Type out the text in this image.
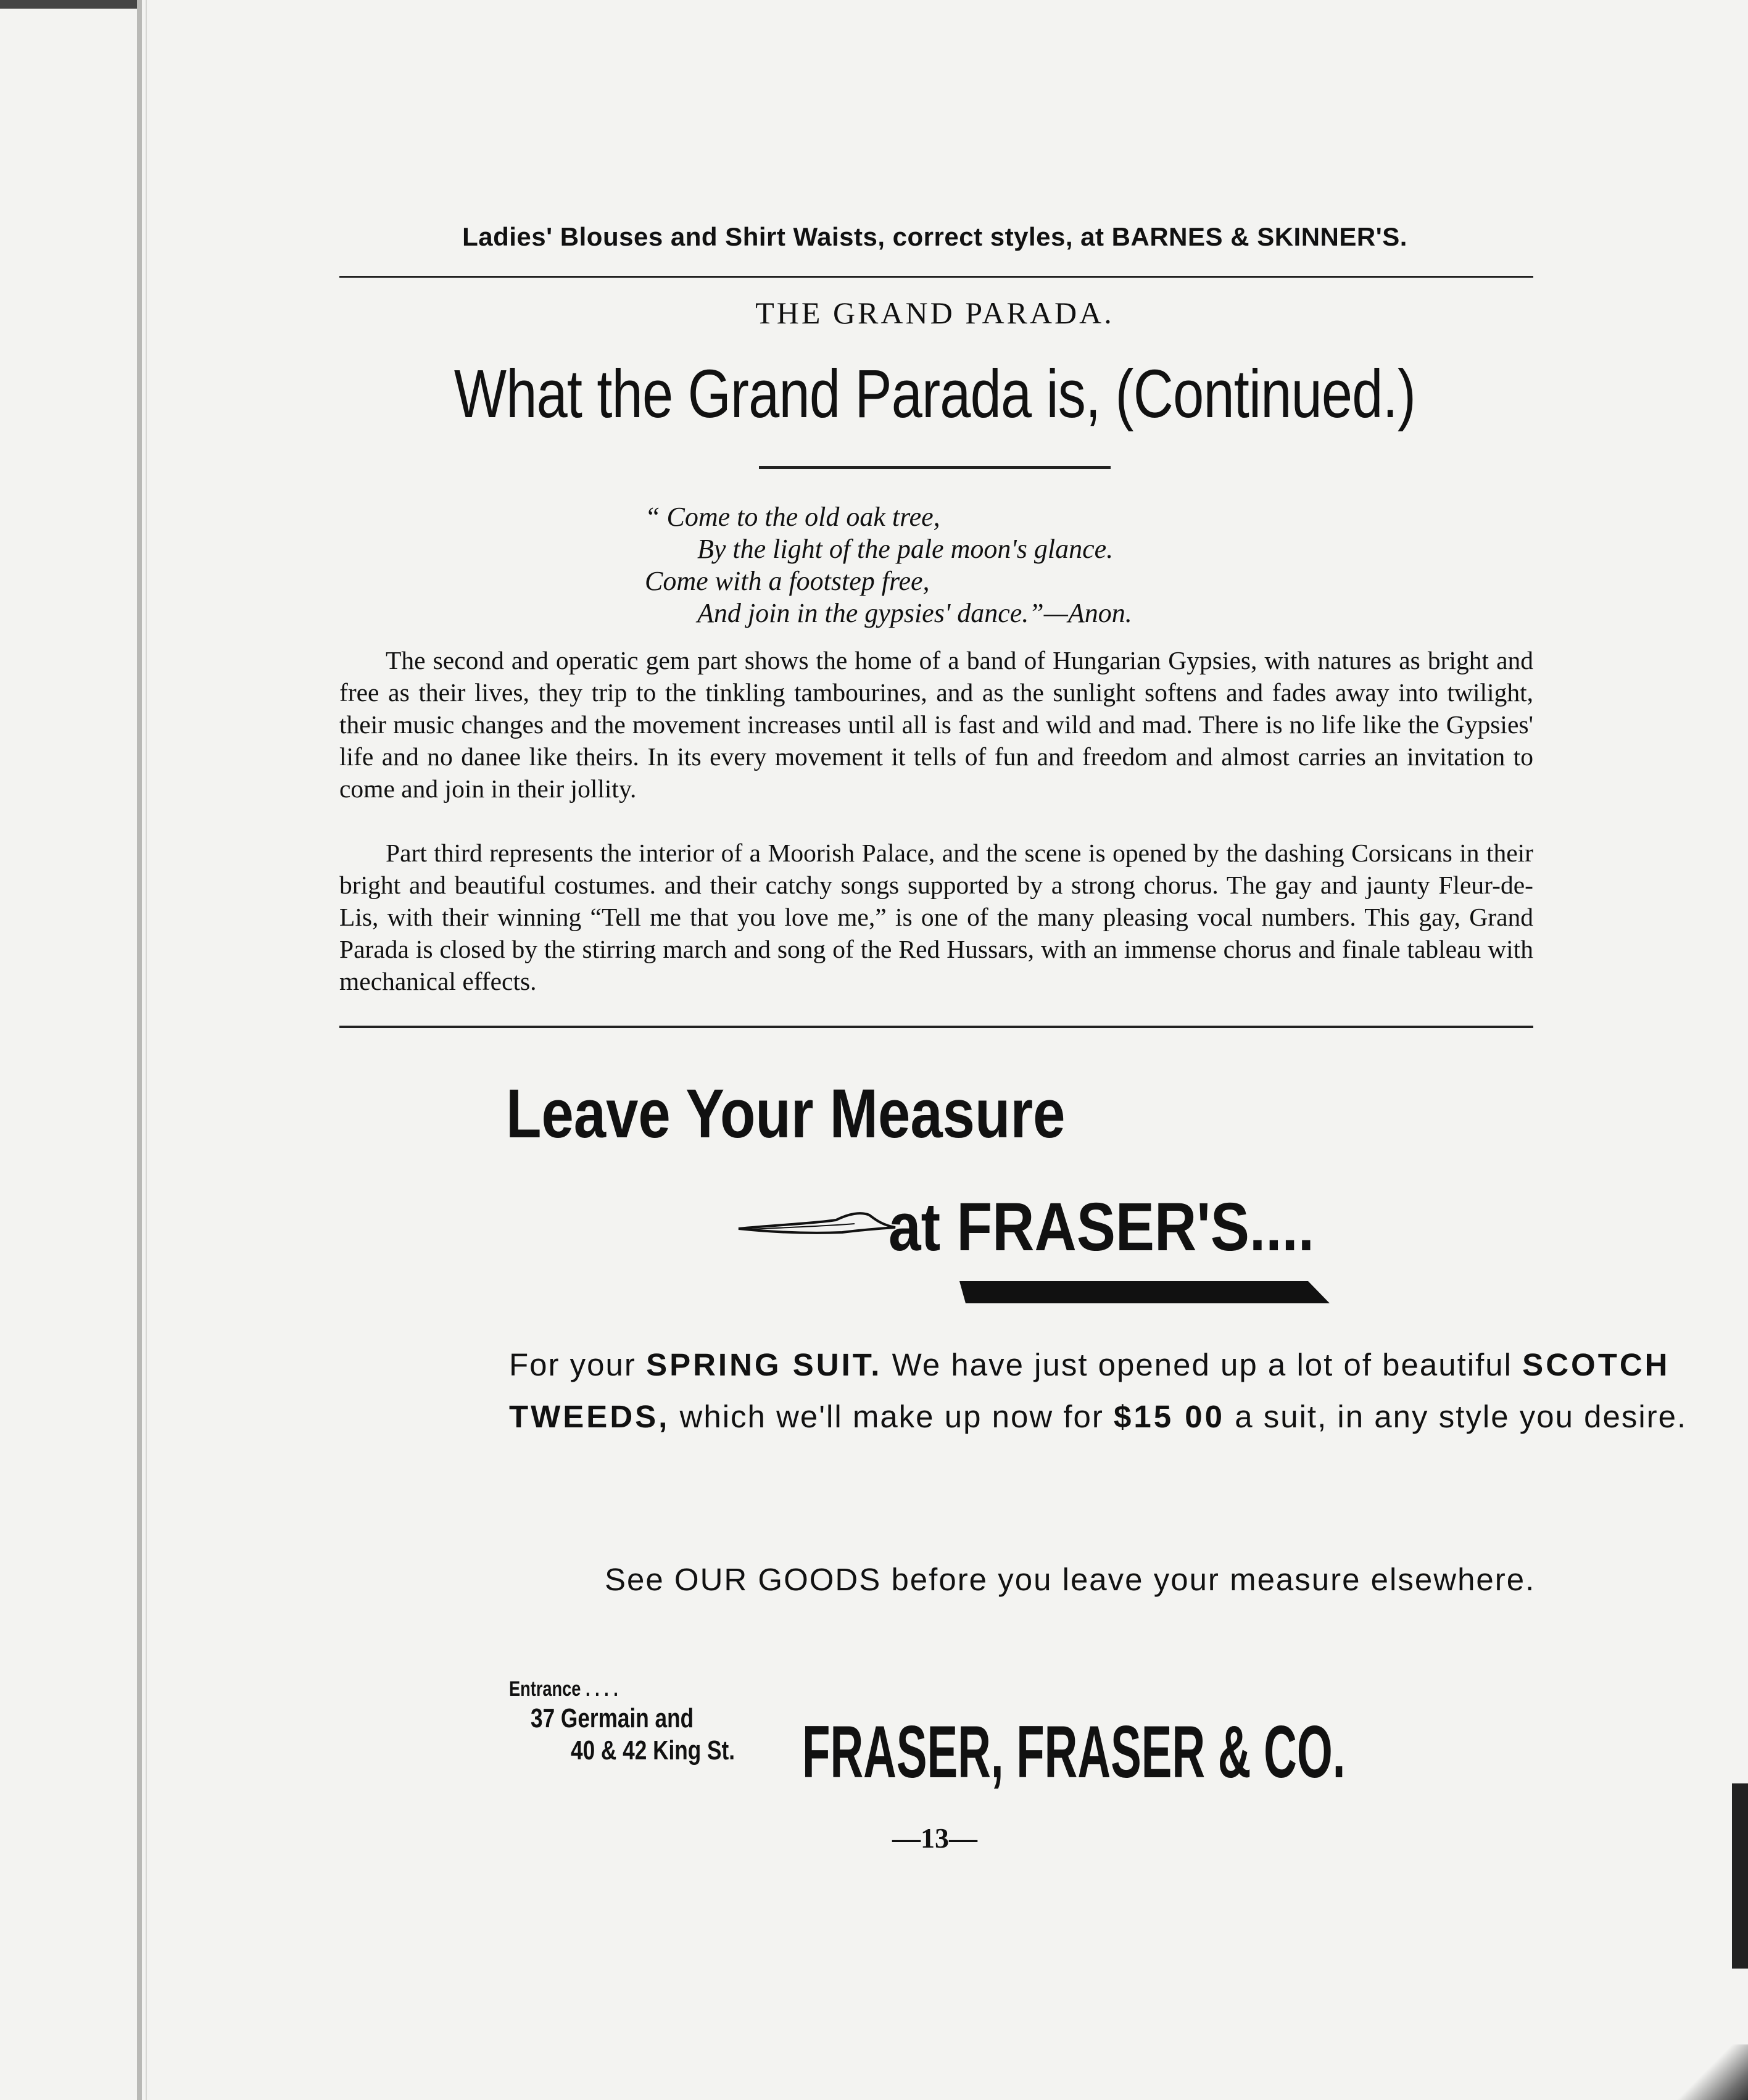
Ladies' Blouses and Shirt Waists, correct styles, at BARNES & SKINNER'S.
THE GRAND PARADA.
What the Grand Parada is, (Continued.)
“ Come to the old oak tree,
By the light of the pale moon's glance.
Come with a footstep free,
And join in the gypsies' dance.”—Anon.
The second and operatic gem part shows the home of a band of Hungarian Gypsies, with natures as bright and free as their lives, they trip to the tinkling tambourines, and as the sunlight softens and fades away into twilight, their music changes and the movement increases until all is fast and wild and mad. There is no life like the Gypsies' life and no danee like theirs. In its every movement it tells of fun and freedom and almost carries an invitation to come and join in their jollity.
Part third represents the interior of a Moorish Palace, and the scene is opened by the dashing Corsicans in their bright and beautiful costumes. and their catchy songs supported by a strong chorus. The gay and jaunty Fleur-de-Lis, with their winning “Tell me that you love me,” is one of the many pleasing vocal numbers. This gay, Grand Parada is closed by the stirring march and song of the Red Hussars, with an immense chorus and finale tableau with mechanical effects.
Leave Your Measure
at FRASER'S....
For your SPRING SUIT. We have just opened up a lot of beautiful SCOTCH TWEEDS, which we'll make up now for $15 00 a suit, in any style you desire.
See OUR GOODS before you leave your measure elsewhere.
Entrance . . . .
37 Germain and
40 & 42 King St. FRASER, FRASER & CO.
—13—
